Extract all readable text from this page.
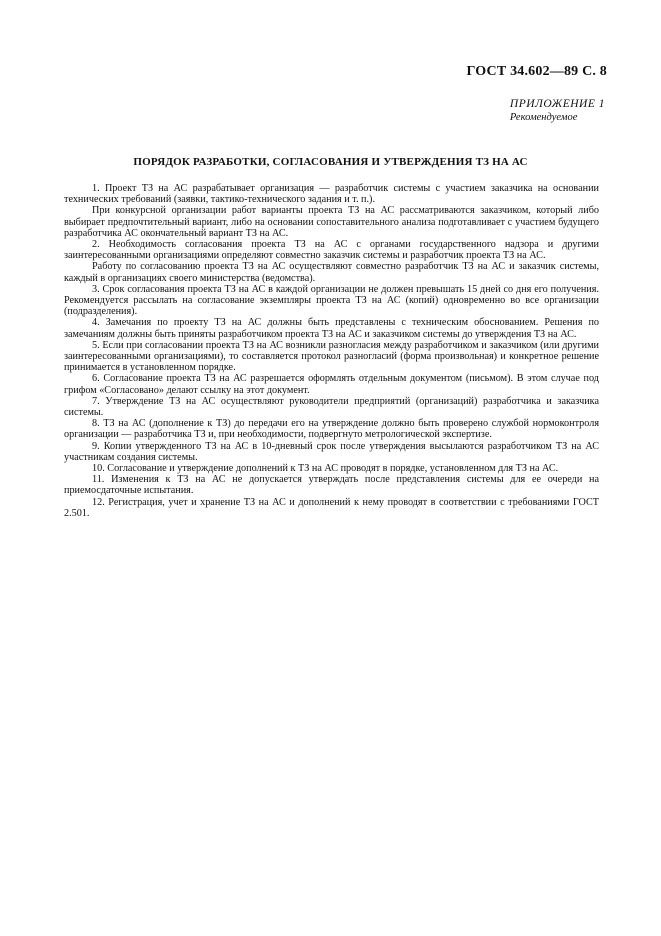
ГОСТ 34.602—89 С. 8
ПРИЛОЖЕНИЕ 1
Рекомендуемое
ПОРЯДОК РАЗРАБОТКИ, СОГЛАСОВАНИЯ И УТВЕРЖДЕНИЯ ТЗ НА АС

1. Проект ТЗ на АС разрабатывает организация — разработчик системы с участием заказчика на основании технических требований (заявки, тактико-технического задания и т. п.).

При конкурсной организации работ варианты проекта ТЗ на АС рассматриваются заказчиком, который либо выбирает предпочтительный вариант, либо на основании сопоставительного анализа подготавливает с участием будущего разработчика АС окончательный вариант ТЗ на АС.

2. Необходимость согласования проекта ТЗ на АС с органами государственного надзора и другими заинтересованными организациями определяют совместно заказчик системы и разработчик проекта ТЗ на АС.

Работу по согласованию проекта ТЗ на АС осуществляют совместно разработчик ТЗ на АС и заказчик системы, каждый в организациях своего министерства (ведомства).

3. Срок согласования проекта ТЗ на АС в каждой организации не должен превышать 15 дней со дня его получения. Рекомендуется рассылать на согласование экземпляры проекта ТЗ на АС (копий) одновременно во все организации (подразделения).

4. Замечания по проекту ТЗ на АС должны быть представлены с техническим обоснованием. Решения по замечаниям должны быть приняты разработчиком проекта ТЗ на АС и заказчиком системы до утверждения ТЗ на АС.

5. Если при согласовании проекта ТЗ на АС возникли разногласия между разработчиком и заказчиком (или другими заинтересованными организациями), то составляется протокол разногласий (форма произвольная) и конкретное решение принимается в установленном порядке.

6. Согласование проекта ТЗ на АС разрешается оформлять отдельным документом (письмом). В этом случае под грифом «Согласовано» делают ссылку на этот документ.

7. Утверждение ТЗ на АС осуществляют руководители предприятий (организаций) разработчика и заказчика системы.

8. ТЗ на АС (дополнение к ТЗ) до передачи его на утверждение должно быть проверено службой нормоконтроля организации — разработчика ТЗ и, при необходимости, подвергнуто метрологической экспертизе.

9. Копии утвержденного ТЗ на АС в 10-дневный срок после утверждения высылаются разработчиком ТЗ на АС участникам создания системы.

10. Согласование и утверждение дополнений к ТЗ на АС проводят в порядке, установленном для ТЗ на АС.

11. Изменения к ТЗ на АС не допускается утверждать после представления системы для ее очереди на приемосдаточные испытания.

12. Регистрация, учет и хранение ТЗ на АС и дополнений к нему проводят в соответствии с требованиями ГОСТ 2.501.
